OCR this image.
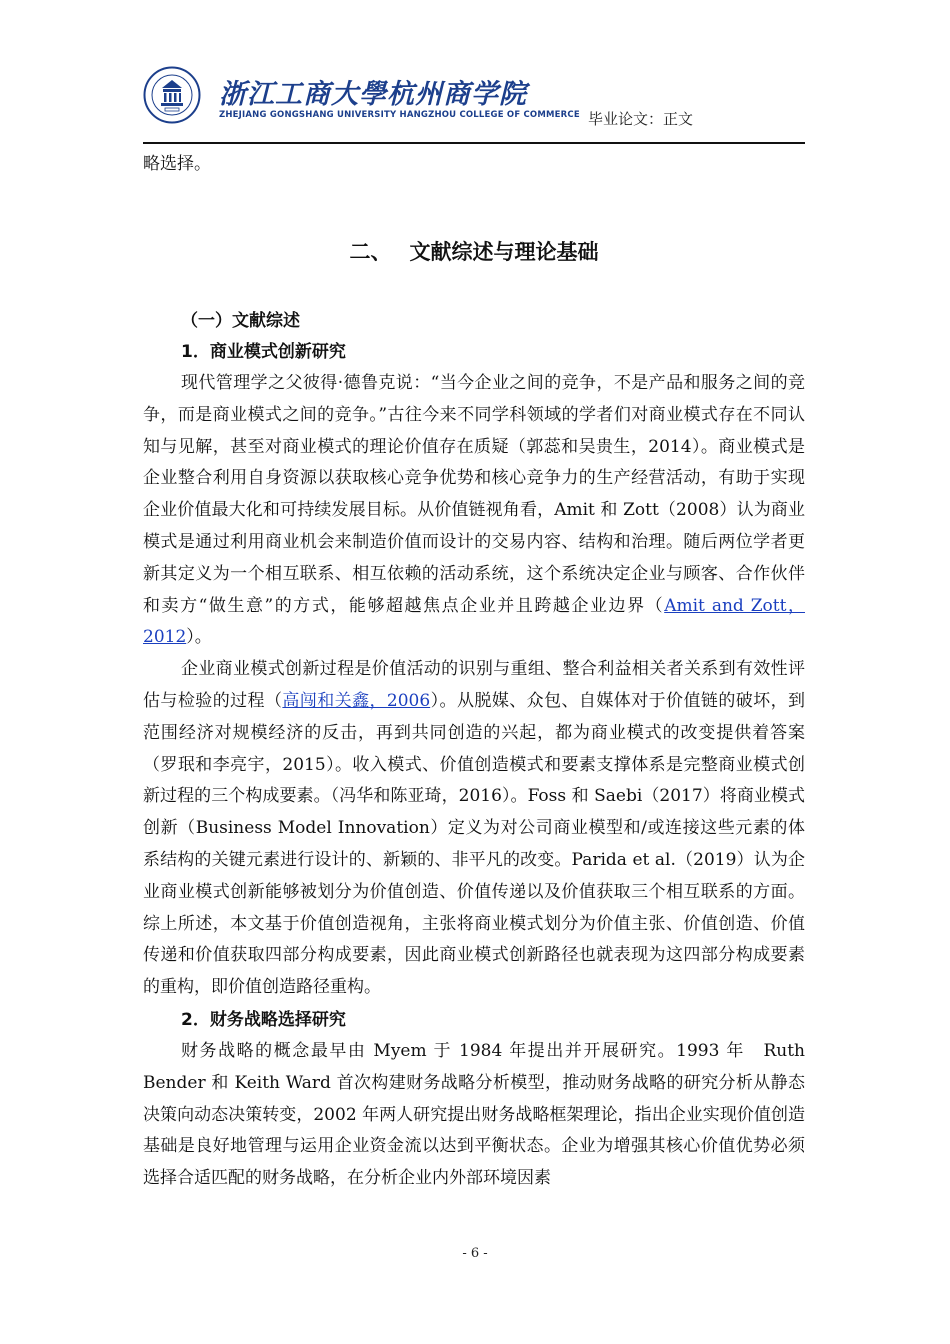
浙江工商大學杭州商学院
ZHEJIANG GONGSHANG UNIVERSITY HANGZHOU COLLEGE OF COMMERCE 毕业论文：正文

略选择。

二、 文献综述与理论基础
（一）文献综述
1．商业模式创新研究

现代管理学之父彼得·德鲁克说：“当今企业之间的竞争，不是产品和服务之间的竞争，而是商业模式之间的竞争。”古往今来不同学科领域的学者们对商业模式存在不同认知与见解，甚至对商业模式的理论价值存在质疑（郭蕊和吴贵生，2014）。商业模式是企业整合利用自身资源以获取核心竞争优势和核心竞争力的生产经营活动，有助于实现企业价值最大化和可持续发展目标。从价值链视角看，Amit 和 Zott（2008）认为商业模式是通过利用商业机会来制造价值而设计的交易内容、结构和治理。随后两位学者更新其定义为一个相互联系、相互依赖的活动系统，这个系统决定企业与顾客、合作伙伴和卖方“做生意”的方式，能够超越焦点企业并且跨越企业边界（Amit and Zott，2012）。

企业商业模式创新过程是价值活动的识别与重组、整合利益相关者关系到有效性评估与检验的过程（高闯和关鑫，2006）。从脱媒、众包、自媒体对于价值链的破坏，到范围经济对规模经济的反击，再到共同创造的兴起，都为商业模式的改变提供着答案（罗珉和李亮宇，2015）。收入模式、价值创造模式和要素支撑体系是完整商业模式创新过程的三个构成要素。（冯华和陈亚琦，2016）。Foss 和 Saebi（2017）将商业模式创新（Business Model Innovation）定义为对公司商业模型和/或连接这些元素的体系结构的关键元素进行设计的、新颖的、非平凡的改变。Parida et al.（2019）认为企业商业模式创新能够被划分为价值创造、价值传递以及价值获取三个相互联系的方面。综上所述，本文基于价值创造视角，主张将商业模式划分为价值主张、价值创造、价值传递和价值获取四部分构成要素，因此商业模式创新路径也就表现为这四部分构成要素的重构，即价值创造路径重构。

2．财务战略选择研究

财务战略的概念最早由 Myem 于 1984 年提出并开展研究。1993 年　Ruth Bender 和 Keith Ward 首次构建财务战略分析模型，推动财务战略的研究分析从静态决策向动态决策转变，2002 年两人研究提出财务战略框架理论，指出企业实现价值创造基础是良好地管理与运用企业资金流以达到平衡状态。企业为增强其核心价值优势必须选择合适匹配的财务战略，在分析企业内外部环境因素

- 6 -
